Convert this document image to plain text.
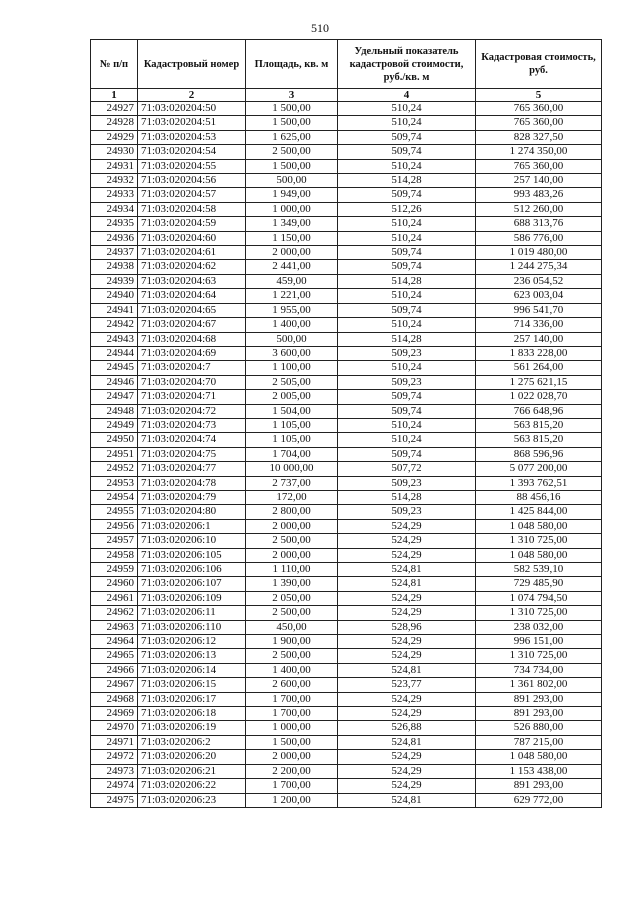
510
№ п/п	Кадастровый номер	Площадь, кв. м	Удельный показатель кадастровой стоимости, руб./кв. м	Кадастровая стоимость, руб.
1	2	3	4	5
24927	71:03:020204:50	1 500,00	510,24	765 360,00
24928	71:03:020204:51	1 500,00	510,24	765 360,00
24929	71:03:020204:53	1 625,00	509,74	828 327,50
24930	71:03:020204:54	2 500,00	509,74	1 274 350,00
24931	71:03:020204:55	1 500,00	510,24	765 360,00
24932	71:03:020204:56	500,00	514,28	257 140,00
24933	71:03:020204:57	1 949,00	509,74	993 483,26
24934	71:03:020204:58	1 000,00	512,26	512 260,00
24935	71:03:020204:59	1 349,00	510,24	688 313,76
24936	71:03:020204:60	1 150,00	510,24	586 776,00
24937	71:03:020204:61	2 000,00	509,74	1 019 480,00
24938	71:03:020204:62	2 441,00	509,74	1 244 275,34
24939	71:03:020204:63	459,00	514,28	236 054,52
24940	71:03:020204:64	1 221,00	510,24	623 003,04
24941	71:03:020204:65	1 955,00	509,74	996 541,70
24942	71:03:020204:67	1 400,00	510,24	714 336,00
24943	71:03:020204:68	500,00	514,28	257 140,00
24944	71:03:020204:69	3 600,00	509,23	1 833 228,00
24945	71:03:020204:7	1 100,00	510,24	561 264,00
24946	71:03:020204:70	2 505,00	509,23	1 275 621,15
24947	71:03:020204:71	2 005,00	509,74	1 022 028,70
24948	71:03:020204:72	1 504,00	509,74	766 648,96
24949	71:03:020204:73	1 105,00	510,24	563 815,20
24950	71:03:020204:74	1 105,00	510,24	563 815,20
24951	71:03:020204:75	1 704,00	509,74	868 596,96
24952	71:03:020204:77	10 000,00	507,72	5 077 200,00
24953	71:03:020204:78	2 737,00	509,23	1 393 762,51
24954	71:03:020204:79	172,00	514,28	88 456,16
24955	71:03:020204:80	2 800,00	509,23	1 425 844,00
24956	71:03:020206:1	2 000,00	524,29	1 048 580,00
24957	71:03:020206:10	2 500,00	524,29	1 310 725,00
24958	71:03:020206:105	2 000,00	524,29	1 048 580,00
24959	71:03:020206:106	1 110,00	524,81	582 539,10
24960	71:03:020206:107	1 390,00	524,81	729 485,90
24961	71:03:020206:109	2 050,00	524,29	1 074 794,50
24962	71:03:020206:11	2 500,00	524,29	1 310 725,00
24963	71:03:020206:110	450,00	528,96	238 032,00
24964	71:03:020206:12	1 900,00	524,29	996 151,00
24965	71:03:020206:13	2 500,00	524,29	1 310 725,00
24966	71:03:020206:14	1 400,00	524,81	734 734,00
24967	71:03:020206:15	2 600,00	523,77	1 361 802,00
24968	71:03:020206:17	1 700,00	524,29	891 293,00
24969	71:03:020206:18	1 700,00	524,29	891 293,00
24970	71:03:020206:19	1 000,00	526,88	526 880,00
24971	71:03:020206:2	1 500,00	524,81	787 215,00
24972	71:03:020206:20	2 000,00	524,29	1 048 580,00
24973	71:03:020206:21	2 200,00	524,29	1 153 438,00
24974	71:03:020206:22	1 700,00	524,29	891 293,00
24975	71:03:020206:23	1 200,00	524,81	629 772,00
